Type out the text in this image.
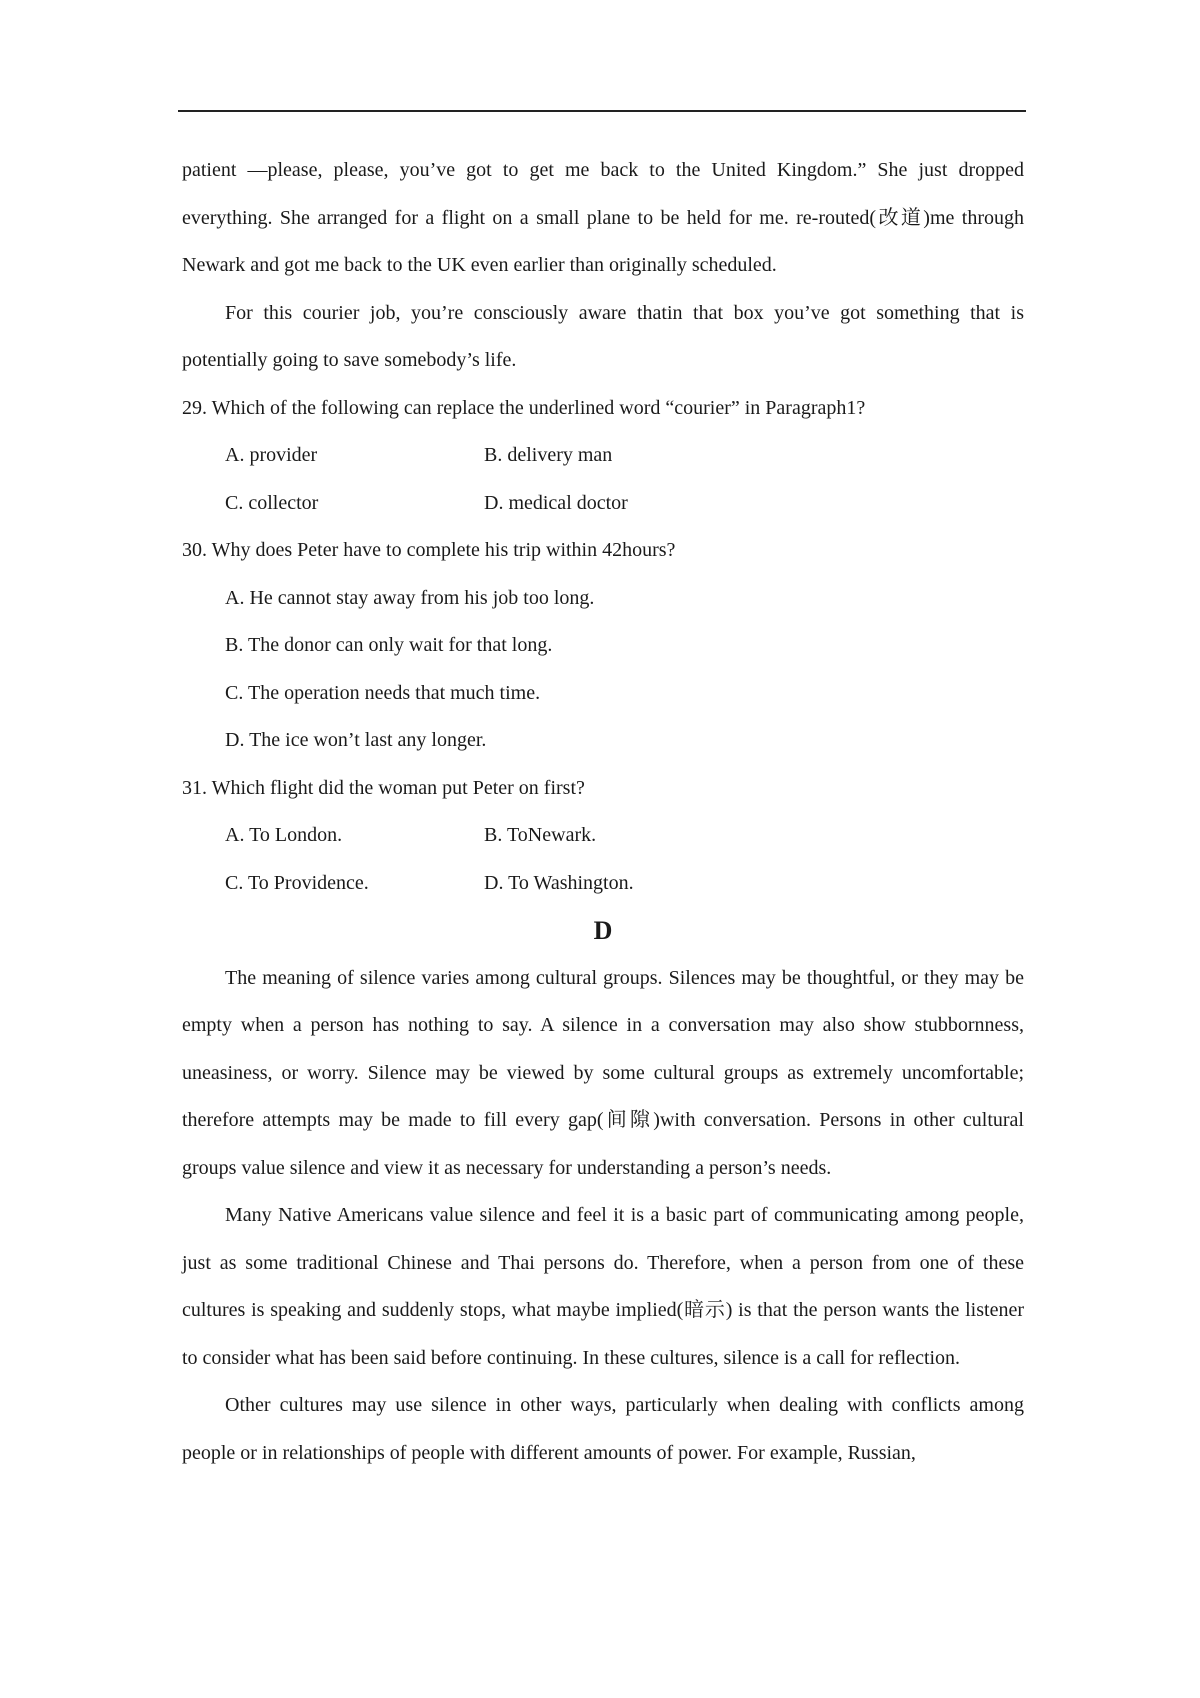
patient —please, please, you’ve got to get me back to the United Kingdom.” She just dropped everything. She arranged for a flight on a small plane to be held for me. re-routed(改道)me through Newark and got me back to the UK even earlier than originally scheduled.

For this courier job, you’re consciously aware thatin that box you’ve got something that is potentially going to save somebody’s life.

29. Which of the following can replace the underlined word “courier” in Paragraph1?

A. provider	B. delivery man
C. collector	D. medical doctor

30. Why does Peter have to complete his trip within 42hours?

A. He cannot stay away from his job too long.
B. The donor can only wait for that long.
C. The operation needs that much time.
D. The ice won’t last any longer.

31. Which flight did the woman put Peter on first?

A. To London.	B. ToNewark.
C. To Providence.	D. To Washington.

D

The meaning of silence varies among cultural groups. Silences may be thoughtful, or they may be empty when a person has nothing to say. A silence in a conversation may also show stubbornness, uneasiness, or worry. Silence may be viewed by some cultural groups as extremely uncomfortable; therefore attempts may be made to fill every gap(间隙)with conversation. Persons in other cultural groups value silence and view it as necessary for understanding a person’s needs.

Many Native Americans value silence and feel it is a basic part of communicating among people, just as some traditional Chinese and Thai persons do. Therefore, when a person from one of these cultures is speaking and suddenly stops, what maybe implied(暗示) is that the person wants the listener to consider what has been said before continuing. In these cultures, silence is a call for reflection.

Other cultures may use silence in other ways, particularly when dealing with conflicts among people or in relationships of people with different amounts of power. For example, Russian,
